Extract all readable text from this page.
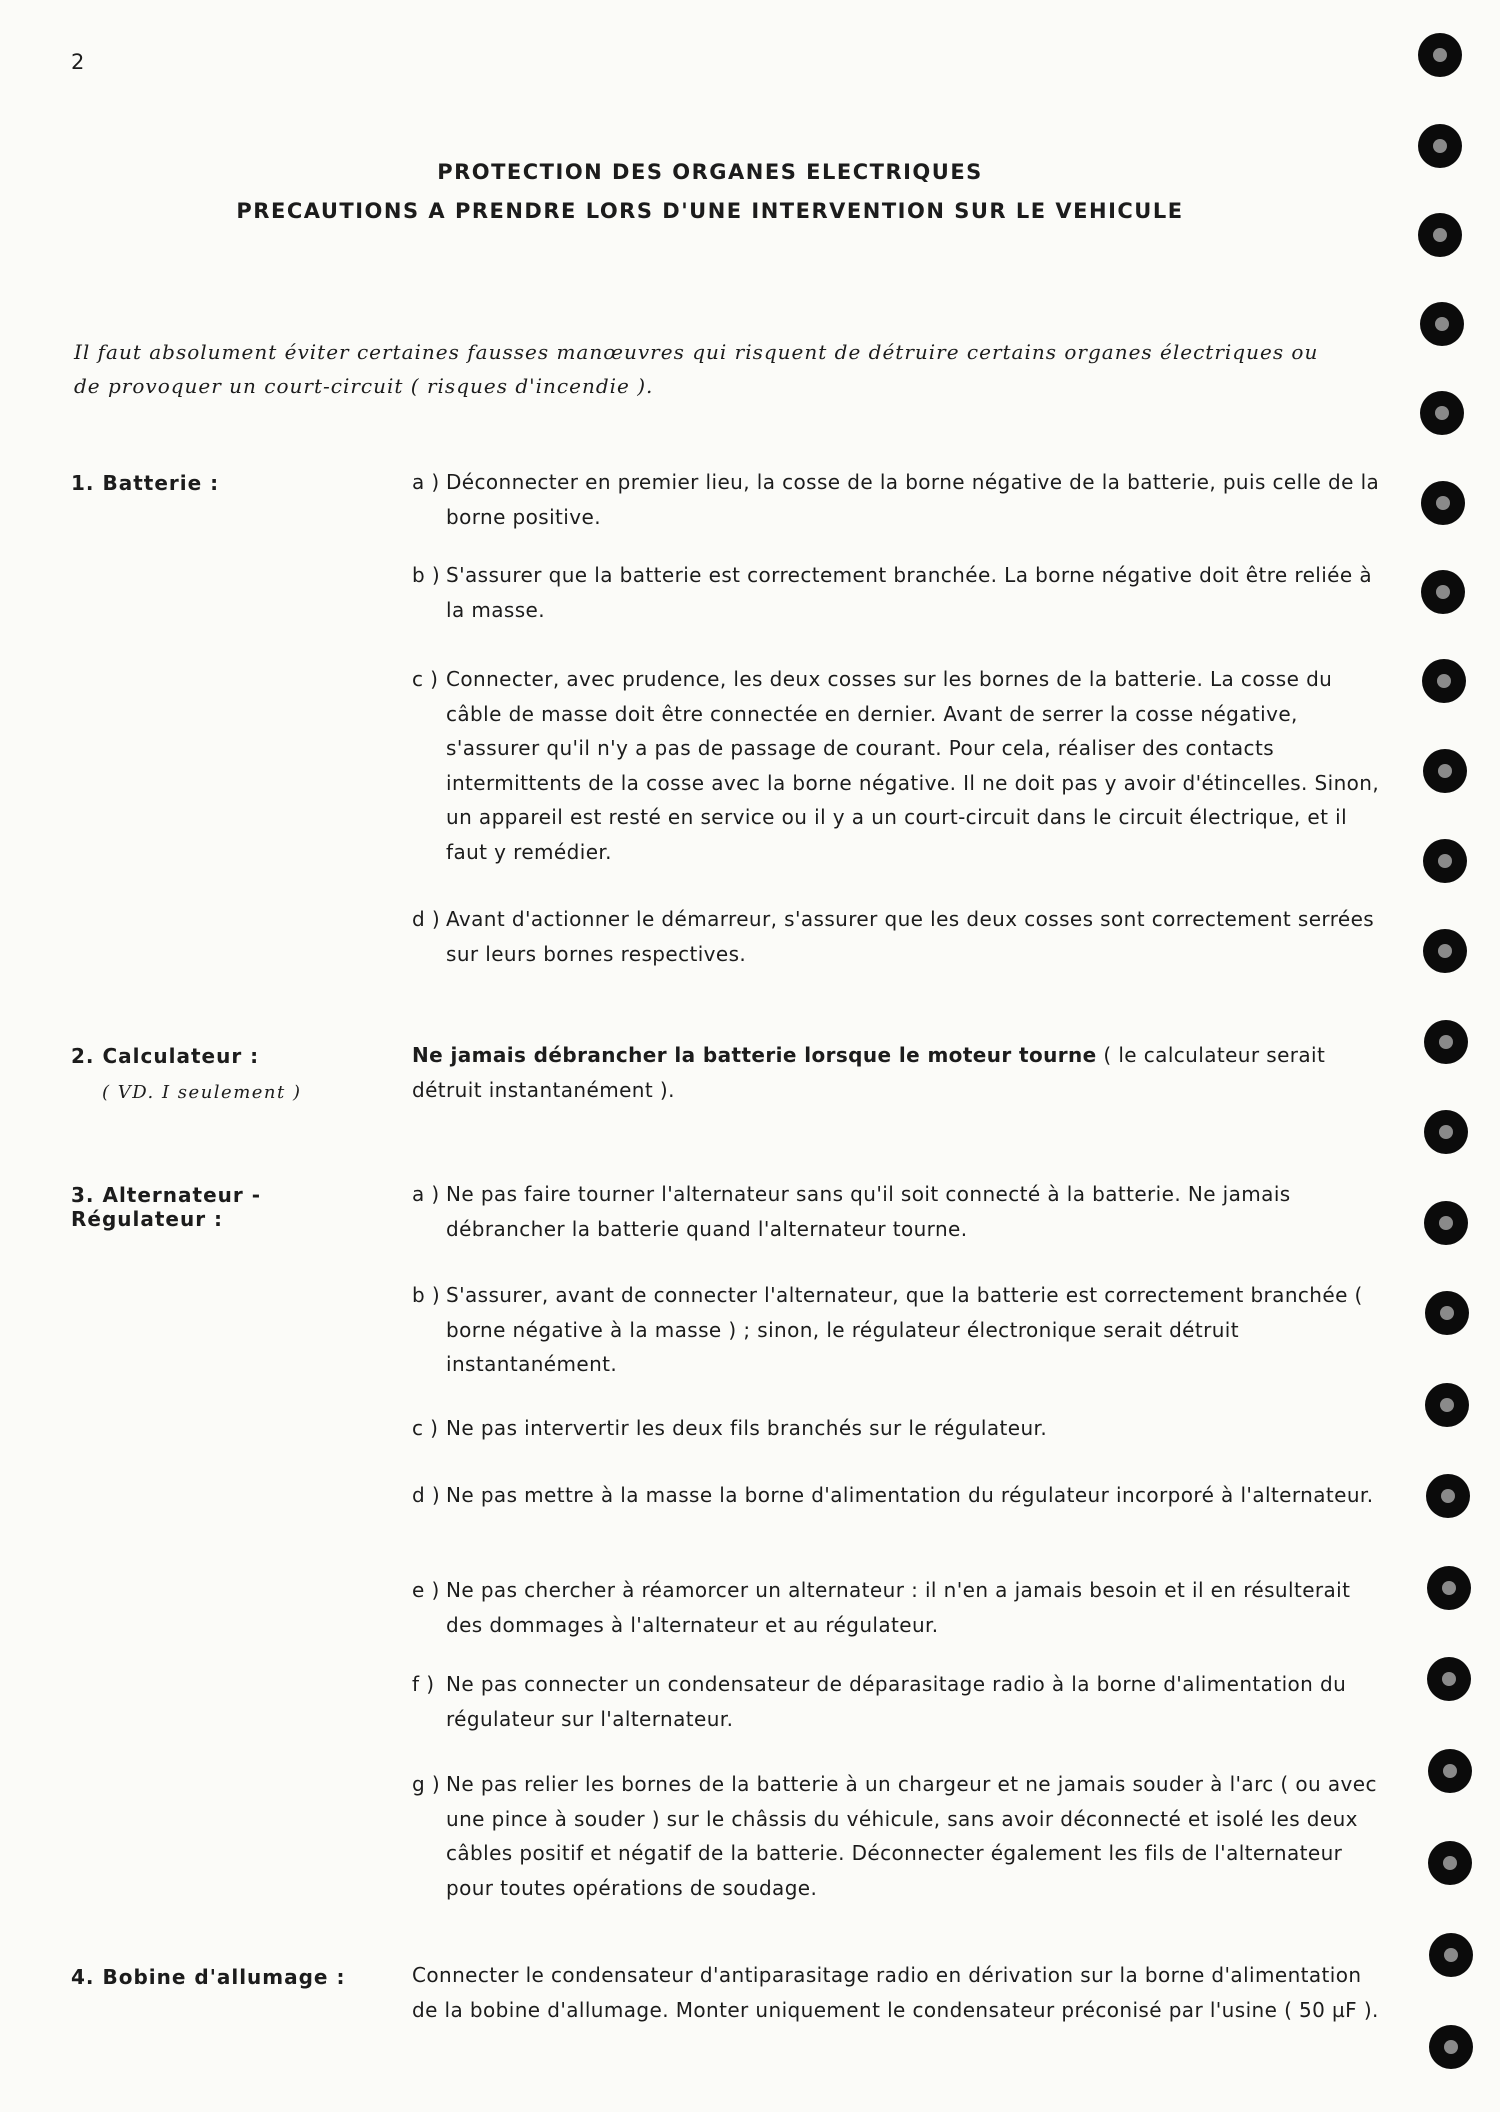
2
PROTECTION DES ORGANES ELECTRIQUES
PRECAUTIONS A PRENDRE LORS D'UNE INTERVENTION SUR LE VEHICULE
Il faut absolument éviter certaines fausses manœuvres qui risquent de détruire certains organes électriques ou de provoquer un court-circuit ( risques d'incendie ).
1. Batterie :	a ) Déconnecter en premier lieu, la cosse de la borne négative de la batterie, puis celle de la borne positive.
b ) S'assurer que la batterie est correctement branchée. La borne négative doit être reliée à la masse.
c ) Connecter, avec prudence, les deux cosses sur les bornes de la batterie. La cosse du câble de masse doit être connectée en dernier. Avant de serrer la cosse négative, s'assurer qu'il n'y a pas de passage de courant. Pour cela, réaliser des contacts intermittents de la cosse avec la borne négative. Il ne doit pas y avoir d'étincelles. Sinon, un appareil est resté en service ou il y a un court-circuit dans le circuit électrique, et il faut y remédier.
d ) Avant d'actionner le démarreur, s'assurer que les deux cosses sont correctement serrées sur leurs bornes respectives.
2. Calculateur :
( VD. I seulement )
Ne jamais débrancher la batterie lorsque le moteur tourne ( le calculateur serait détruit instantanément ).
3. Alternateur - Régulateur :
a ) Ne pas faire tourner l'alternateur sans qu'il soit connecté à la batterie. Ne jamais débrancher la batterie quand l'alternateur tourne.
b ) S'assurer, avant de connecter l'alternateur, que la batterie est correctement branchée ( borne négative à la masse ) ; sinon, le régulateur électronique serait détruit instantanément.
c ) Ne pas intervertir les deux fils branchés sur le régulateur.
d ) Ne pas mettre à la masse la borne d'alimentation du régulateur incorporé à l'alternateur.
e ) Ne pas chercher à réamorcer un alternateur : il n'en a jamais besoin et il en résulterait des dommages à l'alternateur et au régulateur.
f ) Ne pas connecter un condensateur de déparasitage radio à la borne d'alimentation du régulateur sur l'alternateur.
g ) Ne pas relier les bornes de la batterie à un chargeur et ne jamais souder à l'arc ( ou avec une pince à souder ) sur le châssis du véhicule, sans avoir déconnecté et isolé les deux câbles positif et négatif de la batterie. Déconnecter également les fils de l'alternateur pour toutes opérations de soudage.
4. Bobine d'allumage :	Connecter le condensateur d'antiparasitage radio en dérivation sur la borne d'alimentation de la bobine d'allumage. Monter uniquement le condensateur préconisé par l'usine ( 50 µF ).
